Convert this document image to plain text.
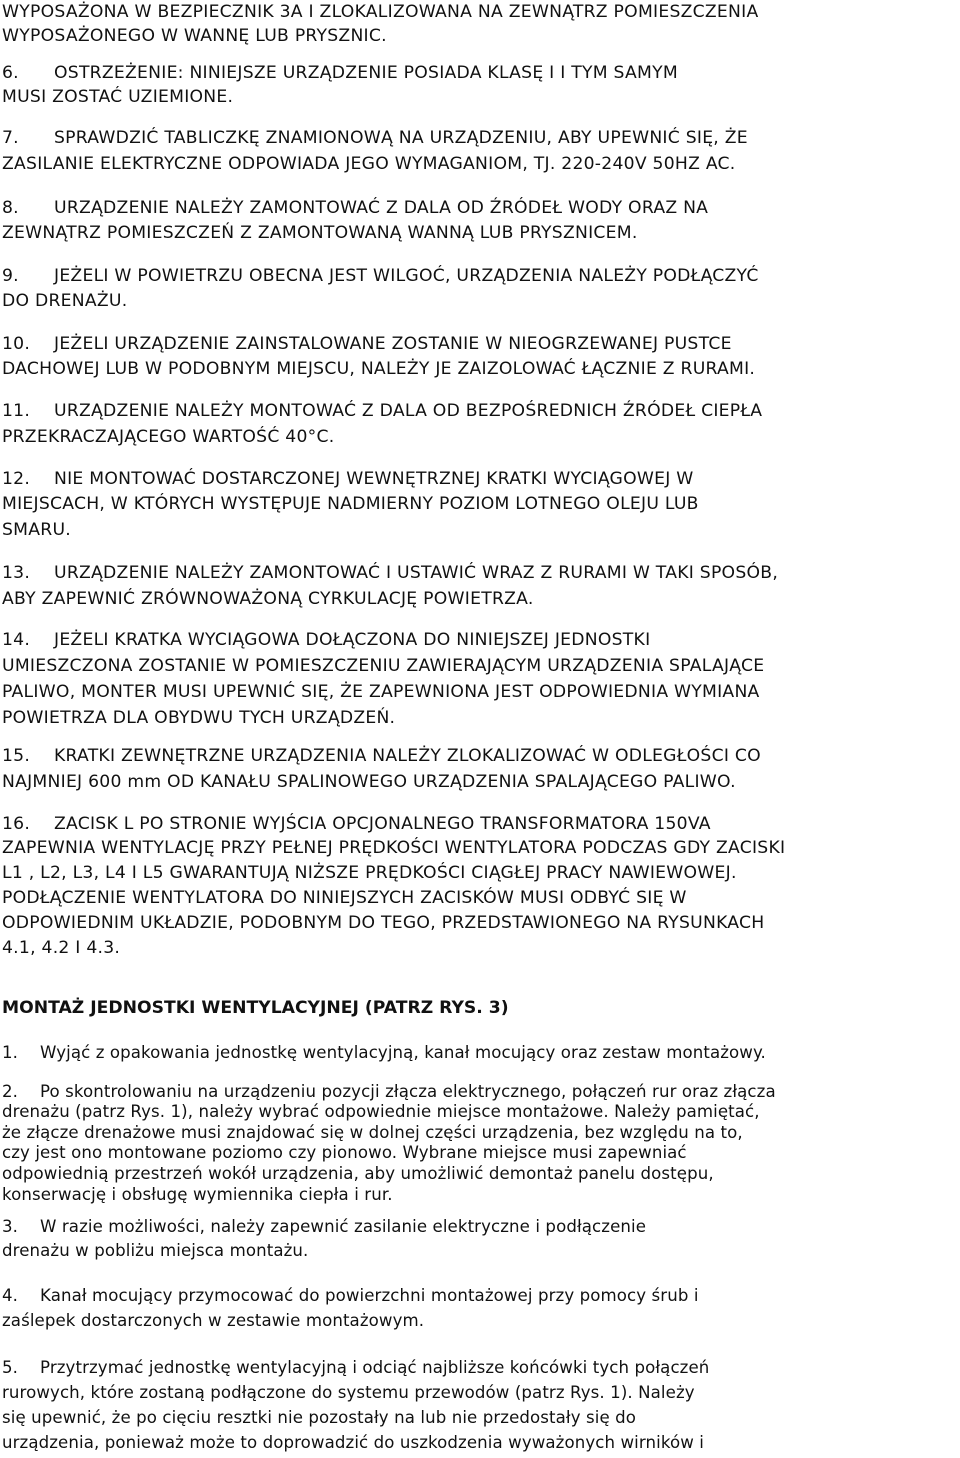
WYPOSAŻONA W BEZPIECZNIK 3A I ZLOKALIZOWANA NA ZEWNĄTRZ POMIESZCZENIA
WYPOSAŻONEGO W WANNĘ LUB PRYSZNIC.
6. OSTRZEŻENIE: NINIEJSZE URZĄDZENIE POSIADA KLASĘ I I TYM SAMYM
MUSI ZOSTAĆ UZIEMIONE.
7. SPRAWDZIĆ TABLICZKĘ ZNAMIONOWĄ NA URZĄDZENIU, ABY UPEWNIĆ SIĘ, ŻE
ZASILANIE ELEKTRYCZNE ODPOWIADA JEGO WYMAGANIOM, TJ. 220-240V 50HZ AC.
8. URZĄDZENIE NALEŻY ZAMONTOWAĆ Z DALA OD ŹRÓDEŁ WODY ORAZ NA
ZEWNĄTRZ POMIESZCZEŃ Z ZAMONTOWANĄ WANNĄ LUB PRYSZNICEM.
9. JEŻELI W POWIETRZU OBECNA JEST WILGOĆ, URZĄDZENIA NALEŻY PODŁĄCZYĆ
DO DRENAŻU.
10. JEŻELI URZĄDZENIE ZAINSTALOWANE ZOSTANIE W NIEOGRZEWANEJ PUSTCE
DACHOWEJ LUB W PODOBNYM MIEJSCU, NALEŻY JE ZAIZOLOWAĆ ŁĄCZNIE Z RURAMI.
11. URZĄDZENIE NALEŻY MONTOWAĆ Z DALA OD BEZPOŚREDNICH ŹRÓDEŁ CIEPŁA
PRZEKRACZAJĄCEGO WARTOŚĆ 40°C.
12. NIE MONTOWAĆ DOSTARCZONEJ WEWNĘTRZNEJ KRATKI WYCIĄGOWEJ W
MIEJSCACH, W KTÓRYCH WYSTĘPUJE NADMIERNY POZIOM LOTNEGO OLEJU LUB
SMARU.
13. URZĄDZENIE NALEŻY ZAMONTOWAĆ I USTAWIĆ WRAZ Z RURAMI W TAKI SPOSÓB,
ABY ZAPEWNIĆ ZRÓWNOWAŻONĄ CYRKULACJĘ POWIETRZA.
14. JEŻELI KRATKA WYCIĄGOWA DOŁĄCZONA DO NINIEJSZEJ JEDNOSTKI
UMIESZCZONA ZOSTANIE W POMIESZCZENIU ZAWIERAJĄCYM URZĄDZENIA SPALAJĄCE
PALIWO, MONTER MUSI UPEWNIĆ SIĘ, ŻE ZAPEWNIONA JEST ODPOWIEDNIA WYMIANA
POWIETRZA DLA OBYDWU TYCH URZĄDZEŃ.
15. KRATKI ZEWNĘTRZNE URZĄDZENIA NALEŻY ZLOKALIZOWAĆ W ODLEGŁOŚCI CO
NAJMNIEJ 600 mm OD KANAŁU SPALINOWEGO URZĄDZENIA SPALAJĄCEGO PALIWO.
16. ZACISK L PO STRONIE WYJŚCIA OPCJONALNEGO TRANSFORMATORA 150VA
ZAPEWNIA WENTYLACJĘ PRZY PEŁNEJ PRĘDKOŚCI WENTYLATORA PODCZAS GDY ZACISKI
L1 , L2, L3, L4 I L5 GWARANTUJĄ NIŻSZE PRĘDKOŚCI CIĄGŁEJ PRACY NAWIEWOWEJ.
PODŁĄCZENIE WENTYLATORA DO NINIEJSZYCH ZACISKÓW MUSI ODBYĆ SIĘ W
ODPOWIEDNIM UKŁADZIE, PODOBNYM DO TEGO, PRZEDSTAWIONEGO NA RYSUNKACH
4.1, 4.2 I 4.3.
MONTAŻ JEDNOSTKI WENTYLACYJNEJ (PATRZ RYS. 3)
1. Wyjąć z opakowania jednostkę wentylacyjną, kanał mocujący oraz zestaw montażowy.
2. Po skontrolowaniu na urządzeniu pozycji złącza elektrycznego, połączeń rur oraz złącza
drenażu (patrz Rys. 1), należy wybrać odpowiednie miejsce montażowe. Należy pamiętać,
że złącze drenażowe musi znajdować się w dolnej części urządzenia, bez względu na to,
czy jest ono montowane poziomo czy pionowo. Wybrane miejsce musi zapewniać
odpowiednią przestrzeń wokół urządzenia, aby umożliwić demontaż panelu dostępu,
konserwację i obsługę wymiennika ciepła i rur.
3. W razie możliwości, należy zapewnić zasilanie elektryczne i podłączenie
drenażu w pobliżu miejsca montażu.
4. Kanał mocujący przymocować do powierzchni montażowej przy pomocy śrub i
zaślepek dostarczonych w zestawie montażowym.
5. Przytrzymać jednostkę wentylacyjną i odciąć najbliższe końcówki tych połączeń
rurowych, które zostaną podłączone do systemu przewodów (patrz Rys. 1). Należy
się upewnić, że po cięciu resztki nie pozostały na lub nie przedostały się do
urządzenia, ponieważ może to doprowadzić do uszkodzenia wyważonych wirników i
